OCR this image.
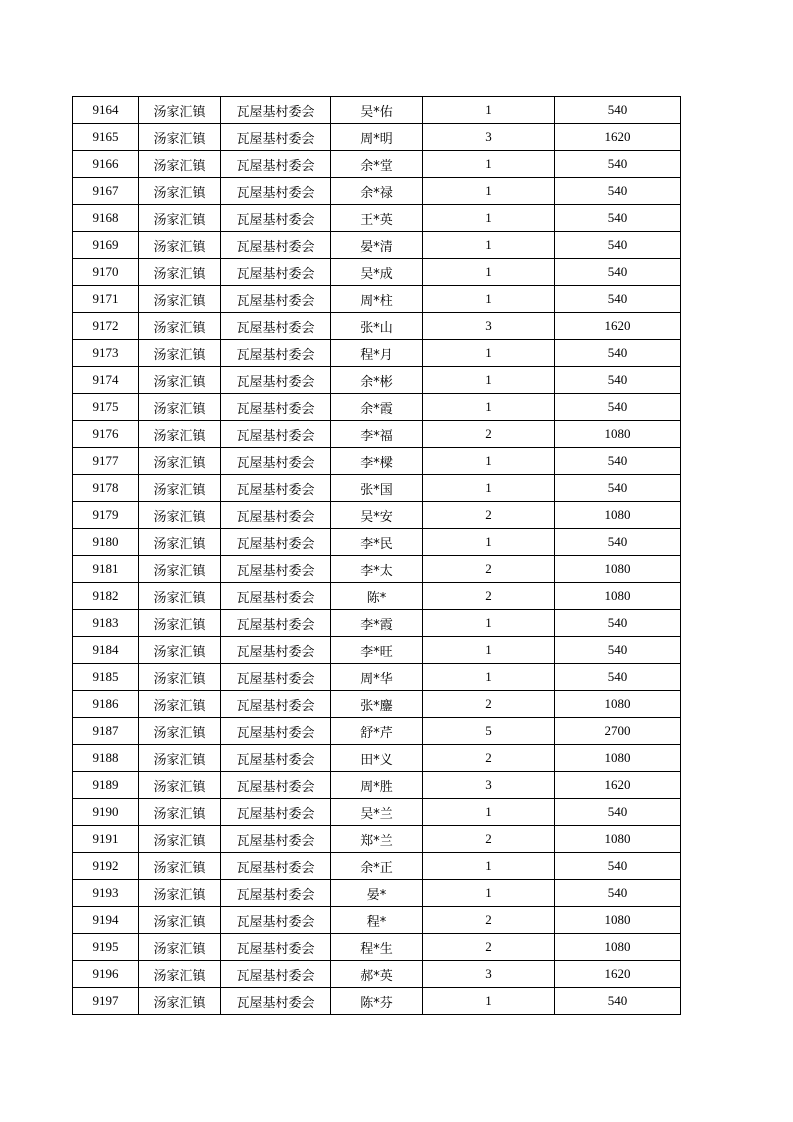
9164	汤家汇镇	瓦屋基村委会	吴*佑	1	540
9165	汤家汇镇	瓦屋基村委会	周*明	3	1620
9166	汤家汇镇	瓦屋基村委会	余*堂	1	540
9167	汤家汇镇	瓦屋基村委会	余*禄	1	540
9168	汤家汇镇	瓦屋基村委会	王*英	1	540
9169	汤家汇镇	瓦屋基村委会	晏*清	1	540
9170	汤家汇镇	瓦屋基村委会	吴*成	1	540
9171	汤家汇镇	瓦屋基村委会	周*柱	1	540
9172	汤家汇镇	瓦屋基村委会	张*山	3	1620
9173	汤家汇镇	瓦屋基村委会	程*月	1	540
9174	汤家汇镇	瓦屋基村委会	余*彬	1	540
9175	汤家汇镇	瓦屋基村委会	余*霞	1	540
9176	汤家汇镇	瓦屋基村委会	李*福	2	1080
9177	汤家汇镇	瓦屋基村委会	李*樑	1	540
9178	汤家汇镇	瓦屋基村委会	张*国	1	540
9179	汤家汇镇	瓦屋基村委会	吴*安	2	1080
9180	汤家汇镇	瓦屋基村委会	李*民	1	540
9181	汤家汇镇	瓦屋基村委会	李*太	2	1080
9182	汤家汇镇	瓦屋基村委会	陈*	2	1080
9183	汤家汇镇	瓦屋基村委会	李*霞	1	540
9184	汤家汇镇	瓦屋基村委会	李*旺	1	540
9185	汤家汇镇	瓦屋基村委会	周*华	1	540
9186	汤家汇镇	瓦屋基村委会	张*鏖	2	1080
9187	汤家汇镇	瓦屋基村委会	舒*芹	5	2700
9188	汤家汇镇	瓦屋基村委会	田*义	2	1080
9189	汤家汇镇	瓦屋基村委会	周*胜	3	1620
9190	汤家汇镇	瓦屋基村委会	吴*兰	1	540
9191	汤家汇镇	瓦屋基村委会	郑*兰	2	1080
9192	汤家汇镇	瓦屋基村委会	余*正	1	540
9193	汤家汇镇	瓦屋基村委会	晏*	1	540
9194	汤家汇镇	瓦屋基村委会	程*	2	1080
9195	汤家汇镇	瓦屋基村委会	程*生	2	1080
9196	汤家汇镇	瓦屋基村委会	郝*英	3	1620
9197	汤家汇镇	瓦屋基村委会	陈*芬	1	540
